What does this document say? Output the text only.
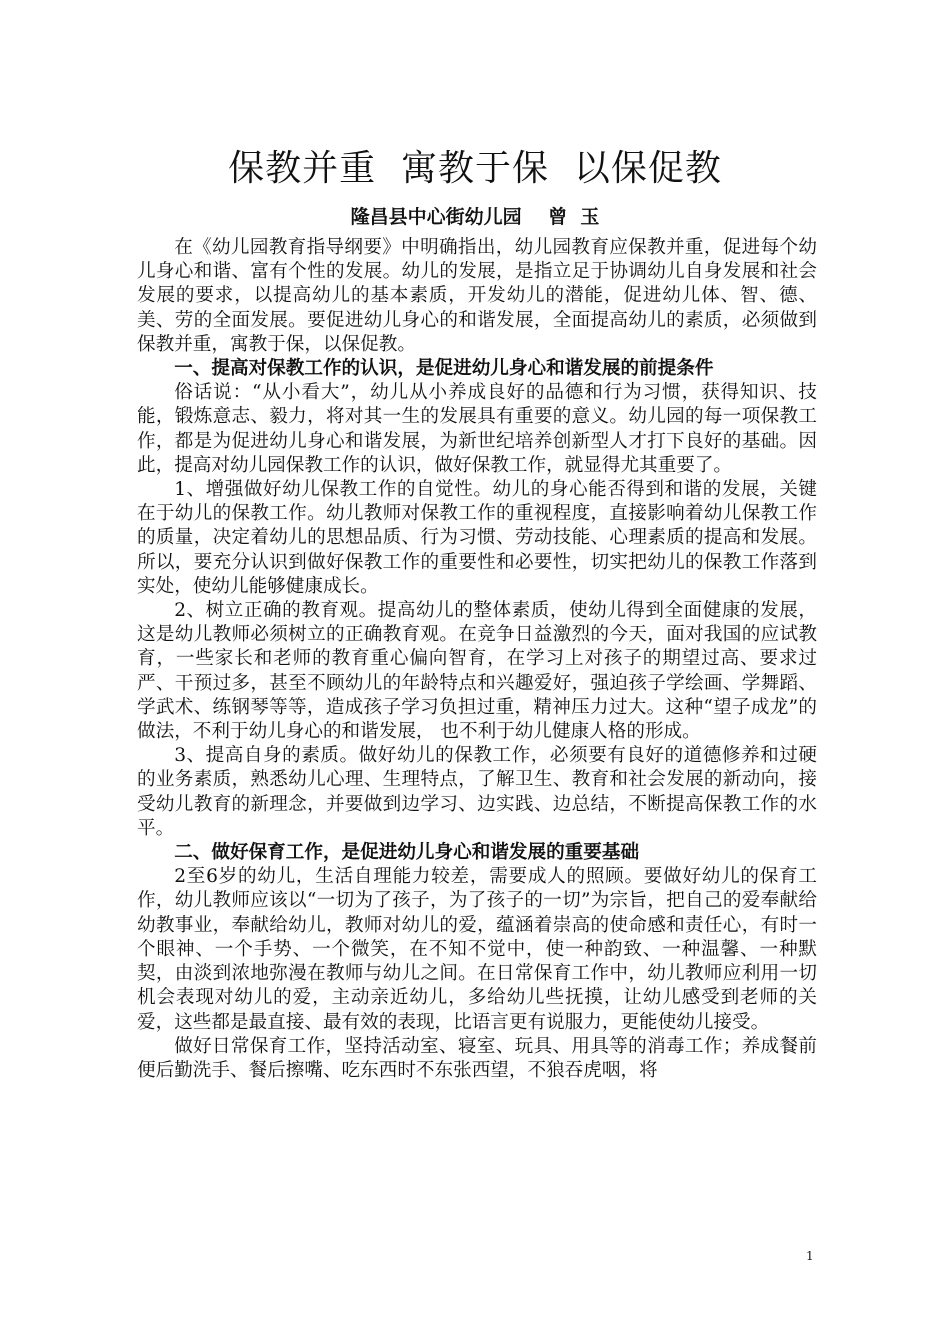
保教并重  寓教于保  以保促教
隆昌县中心街幼儿园    曾  玉

在《幼儿园教育指导纲要》中明确指出，幼儿园教育应保教并重，促进每个幼儿身心和谐、富有个性的发展。幼儿的发展，是指立足于协调幼儿自身发展和社会发展的要求，以提高幼儿的基本素质，开发幼儿的潜能，促进幼儿体、智、德、美、劳的全面发展。要促进幼儿身心的和谐发展，全面提高幼儿的素质，必须做到保教并重，寓教于保，以保促教。

一、提高对保教工作的认识，是促进幼儿身心和谐发展的前提条件

俗话说：“从小看大”，幼儿从小养成良好的品德和行为习惯，获得知识、技能，锻炼意志、毅力，将对其一生的发展具有重要的意义。幼儿园的每一项保教工作，都是为促进幼儿身心和谐发展，为新世纪培养创新型人才打下良好的基础。因此，提高对幼儿园保教工作的认识，做好保教工作，就显得尤其重要了。

1、增强做好幼儿保教工作的自觉性。幼儿的身心能否得到和谐的发展，关键在于幼儿的保教工作。幼儿教师对保教工作的重视程度，直接影响着幼儿保教工作的质量，决定着幼儿的思想品质、行为习惯、劳动技能、心理素质的提高和发展。所以，要充分认识到做好保教工作的重要性和必要性，切实把幼儿的保教工作落到实处，使幼儿能够健康成长。

2、树立正确的教育观。提高幼儿的整体素质，使幼儿得到全面健康的发展，这是幼儿教师必须树立的正确教育观。在竞争日益激烈的今天，面对我国的应试教育，一些家长和老师的教育重心偏向智育，在学习上对孩子的期望过高、要求过严、干预过多，甚至不顾幼儿的年龄特点和兴趣爱好，强迫孩子学绘画、学舞蹈、学武术、练钢琴等等，造成孩子学习负担过重，精神压力过大。这种“望子成龙”的做法，不利于幼儿身心的和谐发展， 也不利于幼儿健康人格的形成。

3、提高自身的素质。做好幼儿的保教工作，必须要有良好的道德修养和过硬的业务素质，熟悉幼儿心理、生理特点，了解卫生、教育和社会发展的新动向，接受幼儿教育的新理念，并要做到边学习、边实践、边总结，不断提高保教工作的水平。

二、做好保育工作，是促进幼儿身心和谐发展的重要基础

2至6岁的幼儿，生活自理能力较差，需要成人的照顾。要做好幼儿的保育工作，幼儿教师应该以“一切为了孩子，为了孩子的一切”为宗旨，把自己的爱奉献给幼教事业，奉献给幼儿，教师对幼儿的爱，蕴涵着崇高的使命感和责任心，有时一个眼神、一个手势、一个微笑，在不知不觉中，使一种韵致、一种温馨、一种默契，由淡到浓地弥漫在教师与幼儿之间。在日常保育工作中，幼儿教师应利用一切机会表现对幼儿的爱，主动亲近幼儿，多给幼儿些抚摸，让幼儿感受到老师的关爱，这些都是最直接、最有效的表现，比语言更有说服力，更能使幼儿接受。

做好日常保育工作，坚持活动室、寝室、玩具、用具等的消毒工作；养成餐前便后勤洗手、餐后擦嘴、吃东西时不东张西望，不狼吞虎咽，将

1
